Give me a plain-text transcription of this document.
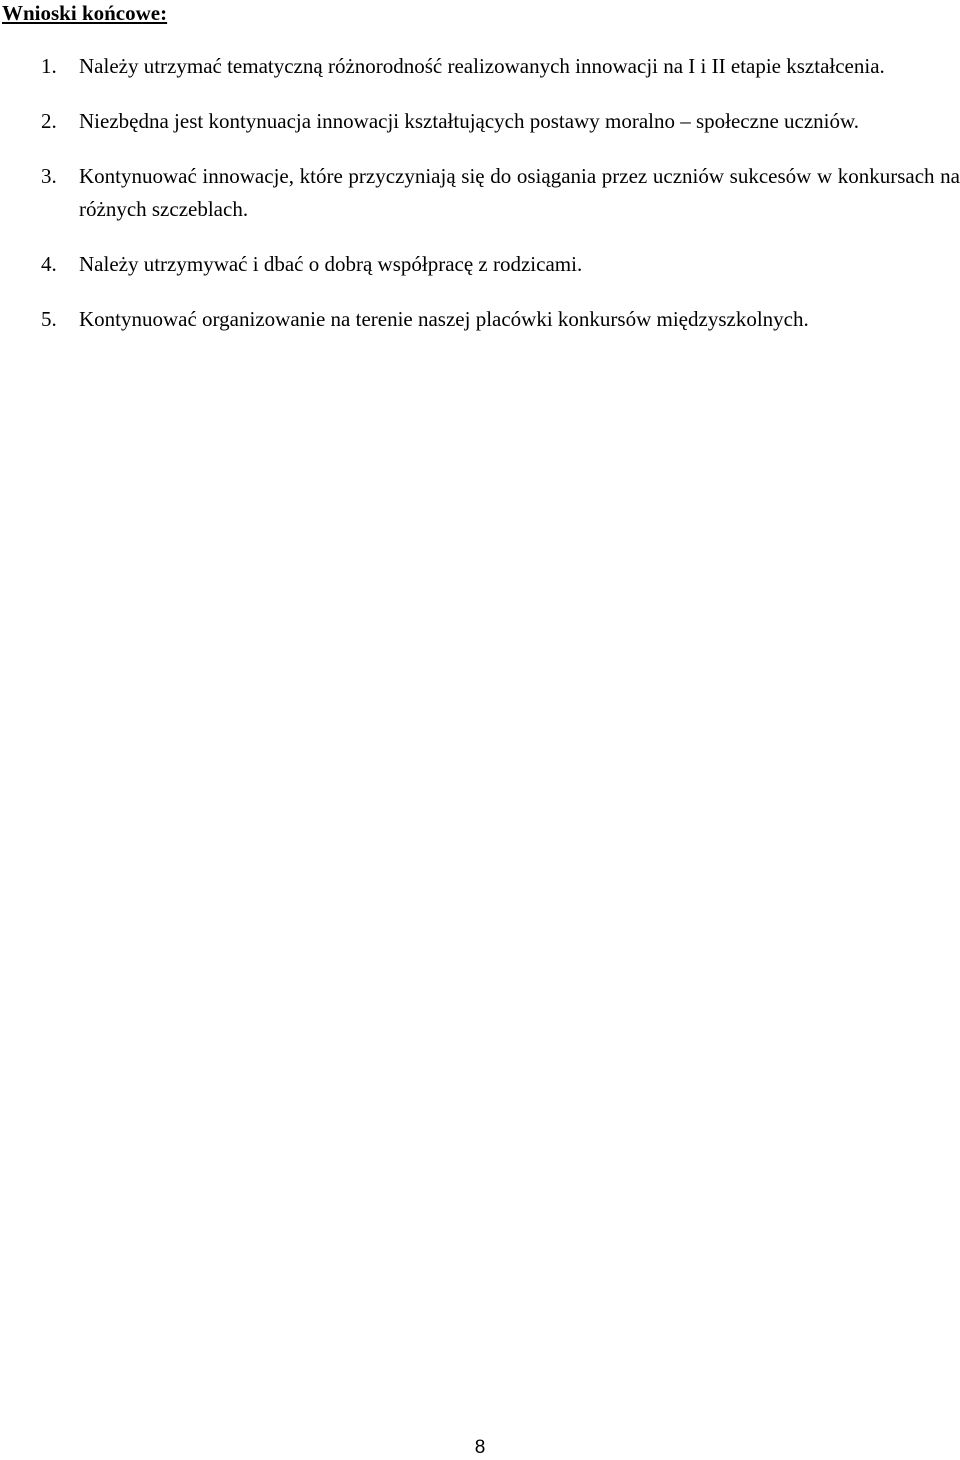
Wnioski końcowe:
1. Należy utrzymać tematyczną różnorodność realizowanych innowacji na I i II etapie kształcenia.
2. Niezbędna jest kontynuacja innowacji kształtujących postawy moralno – społeczne uczniów.
3. Kontynuować innowacje, które przyczyniają się do osiągania przez uczniów sukcesów w konkursach na różnych szczeblach.
4. Należy utrzymywać i dbać o dobrą współpracę z rodzicami.
5. Kontynuować organizowanie na terenie naszej placówki konkursów międzyszkolnych.
8
